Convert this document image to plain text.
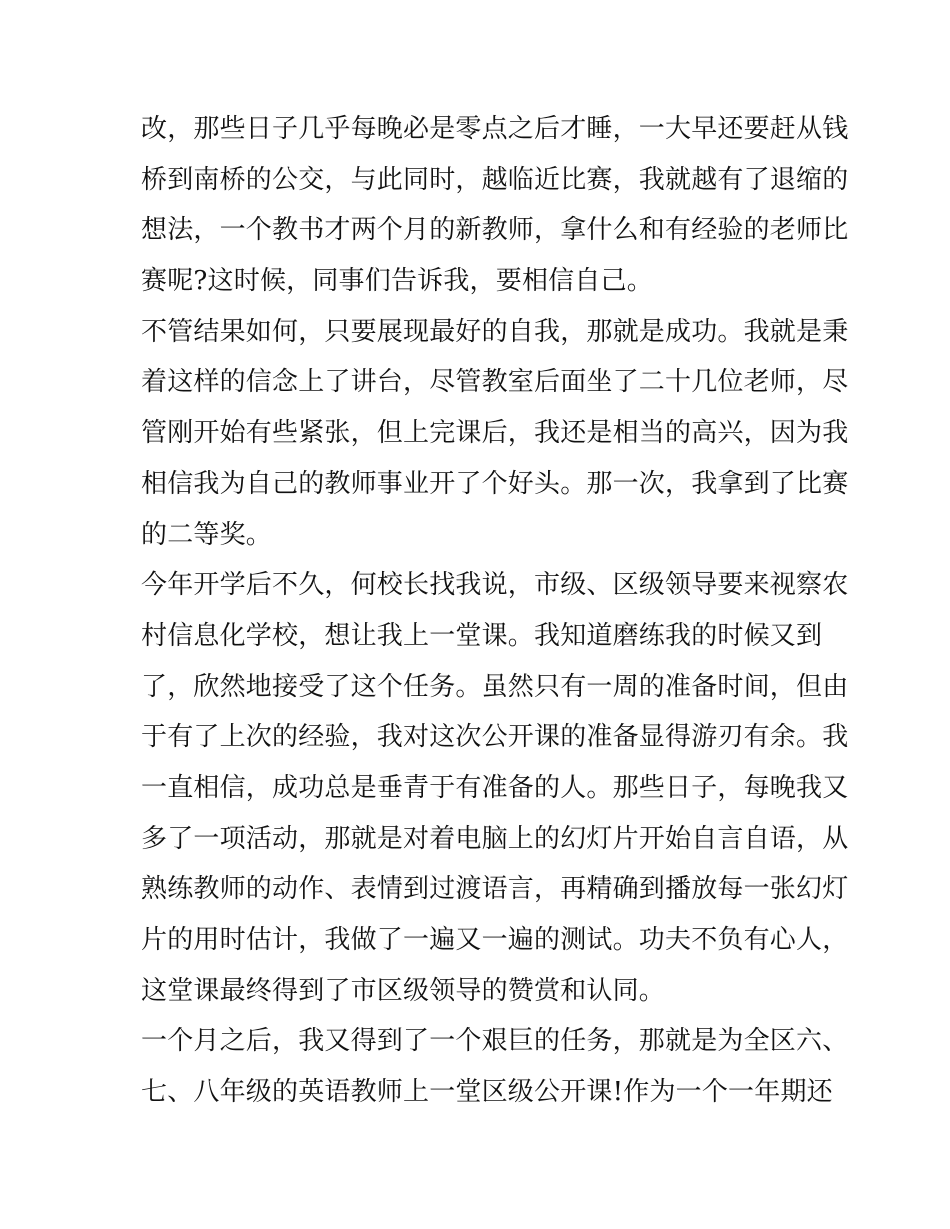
改，那些日子几乎每晚必是零点之后才睡，一大早还要赶从钱
桥到南桥的公交，与此同时，越临近比赛，我就越有了退缩的
想法，一个教书才两个月的新教师，拿什么和有经验的老师比
赛呢?这时候，同事们告诉我，要相信自己。
不管结果如何，只要展现最好的自我，那就是成功。我就是秉
着这样的信念上了讲台，尽管教室后面坐了二十几位老师，尽
管刚开始有些紧张，但上完课后，我还是相当的高兴，因为我
相信我为自己的教师事业开了个好头。那一次，我拿到了比赛
的二等奖。
今年开学后不久，何校长找我说，市级、区级领导要来视察农
村信息化学校，想让我上一堂课。我知道磨练我的时候又到
了，欣然地接受了这个任务。虽然只有一周的准备时间，但由
于有了上次的经验，我对这次公开课的准备显得游刃有余。我
一直相信，成功总是垂青于有准备的人。那些日子，每晚我又
多了一项活动，那就是对着电脑上的幻灯片开始自言自语，从
熟练教师的动作、表情到过渡语言，再精确到播放每一张幻灯
片的用时估计，我做了一遍又一遍的测试。功夫不负有心人，
这堂课最终得到了市区级领导的赞赏和认同。
一个月之后，我又得到了一个艰巨的任务，那就是为全区六、
七、八年级的英语教师上一堂区级公开课!作为一个一年期还
